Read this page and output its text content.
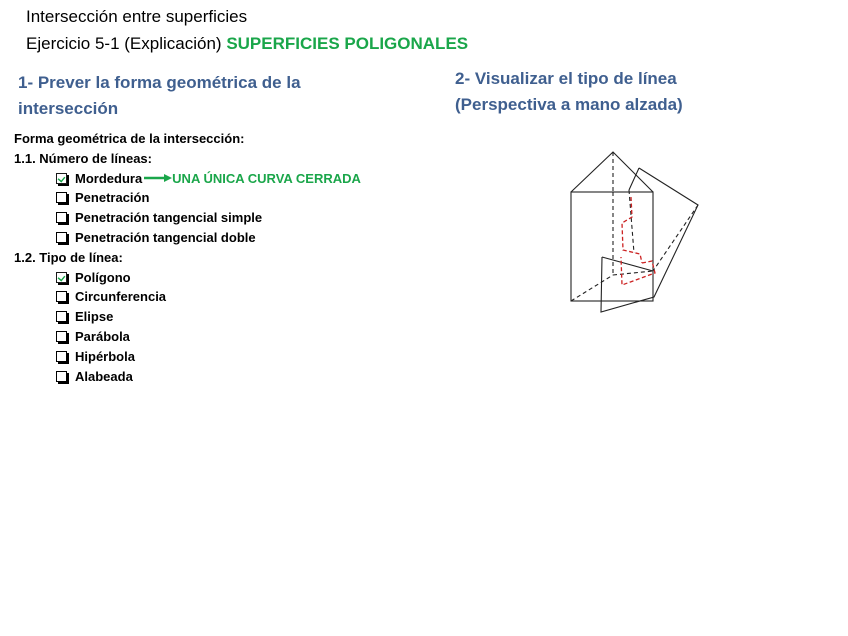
Intersección entre superficies
Ejercicio 5-1 (Explicación) SUPERFICIES POLIGONALES
1- Prever la forma geométrica de la intersección
2- Visualizar el tipo de línea (Perspectiva a mano alzada)
Forma geométrica de la intersección:
1.1. Número de líneas:
Mordedura UNA ÚNICA CURVA CERRADA
Penetración
Penetración tangencial simple
Penetración tangencial doble
1.2. Tipo de línea:
Polígono
Circunferencia
Elipse
Parábola
Hipérbola
Alabeada
